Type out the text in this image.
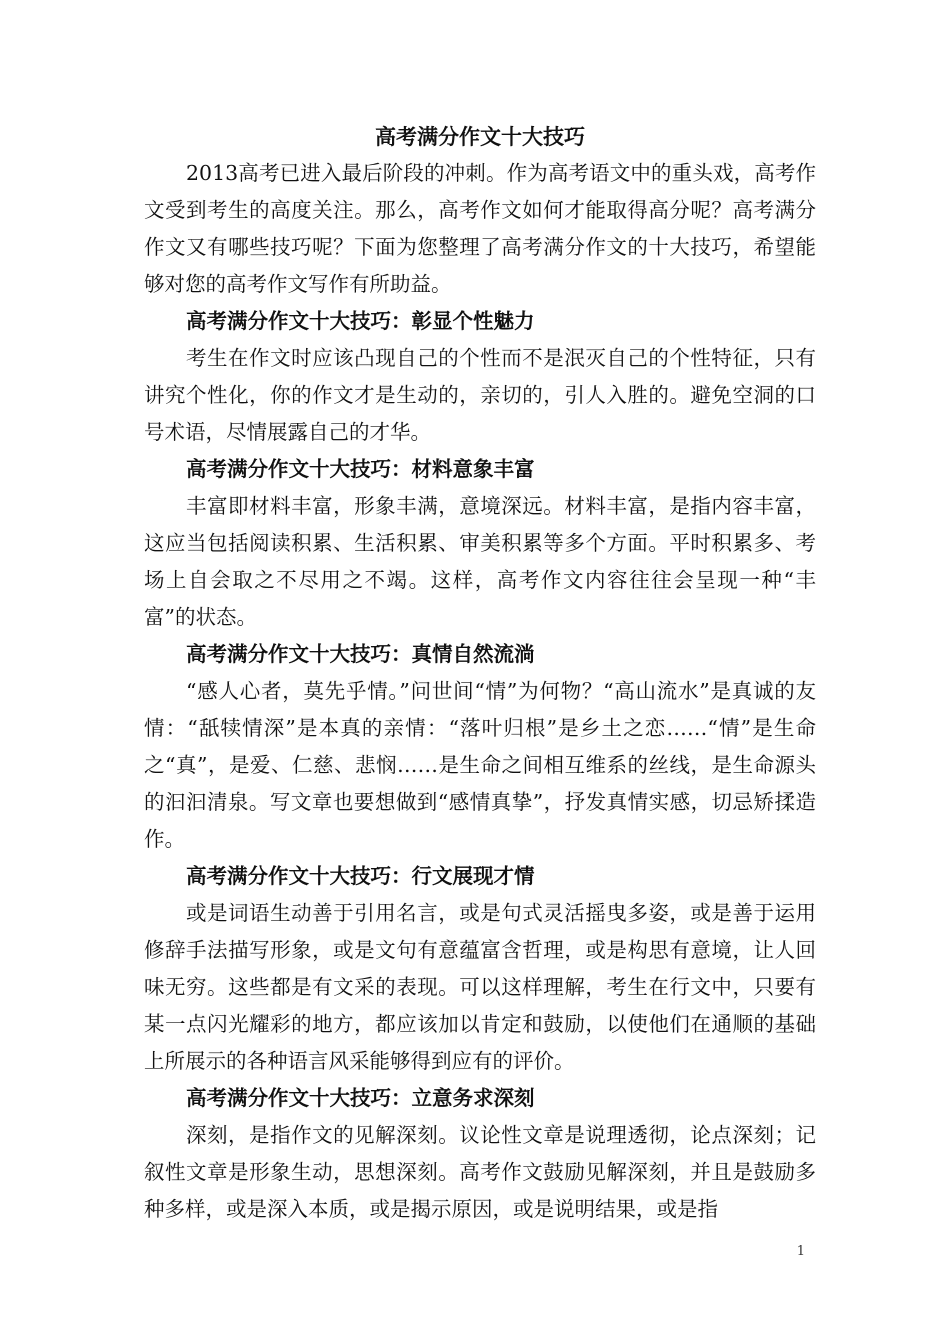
高考满分作文十大技巧

2013高考已进入最后阶段的冲刺。作为高考语文中的重头戏，高考作文受到考生的高度关注。那么，高考作文如何才能取得高分呢？高考满分作文又有哪些技巧呢？下面为您整理了高考满分作文的十大技巧，希望能够对您的高考作文写作有所助益。

高考满分作文十大技巧：彰显个性魅力

考生在作文时应该凸现自己的个性而不是泯灭自己的个性特征，只有讲究个性化，你的作文才是生动的，亲切的，引人入胜的。避免空洞的口号术语，尽情展露自己的才华。

高考满分作文十大技巧：材料意象丰富

丰富即材料丰富，形象丰满，意境深远。材料丰富，是指内容丰富，这应当包括阅读积累、生活积累、审美积累等多个方面。平时积累多、考场上自会取之不尽用之不竭。这样，高考作文内容往往会呈现一种“丰富”的状态。

高考满分作文十大技巧：真情自然流淌

“感人心者，莫先乎情。”问世间“情”为何物？“高山流水”是真诚的友情：“舐犊情深”是本真的亲情：“落叶归根”是乡土之恋……“情”是生命之“真”，是爱、仁慈、悲悯……是生命之间相互维系的丝线，是生命源头的汩汩清泉。写文章也要想做到“感情真挚”，抒发真情实感，切忌矫揉造作。

高考满分作文十大技巧：行文展现才情

或是词语生动善于引用名言，或是句式灵活摇曳多姿，或是善于运用修辞手法描写形象，或是文句有意蕴富含哲理，或是构思有意境，让人回味无穷。这些都是有文采的表现。可以这样理解，考生在行文中，只要有某一点闪光耀彩的地方，都应该加以肯定和鼓励，以使他们在通顺的基础上所展示的各种语言风采能够得到应有的评价。

高考满分作文十大技巧：立意务求深刻

深刻，是指作文的见解深刻。议论性文章是说理透彻，论点深刻；记叙性文章是形象生动，思想深刻。高考作文鼓励见解深刻，并且是鼓励多种多样，或是深入本质，或是揭示原因，或是说明结果，或是指

1
